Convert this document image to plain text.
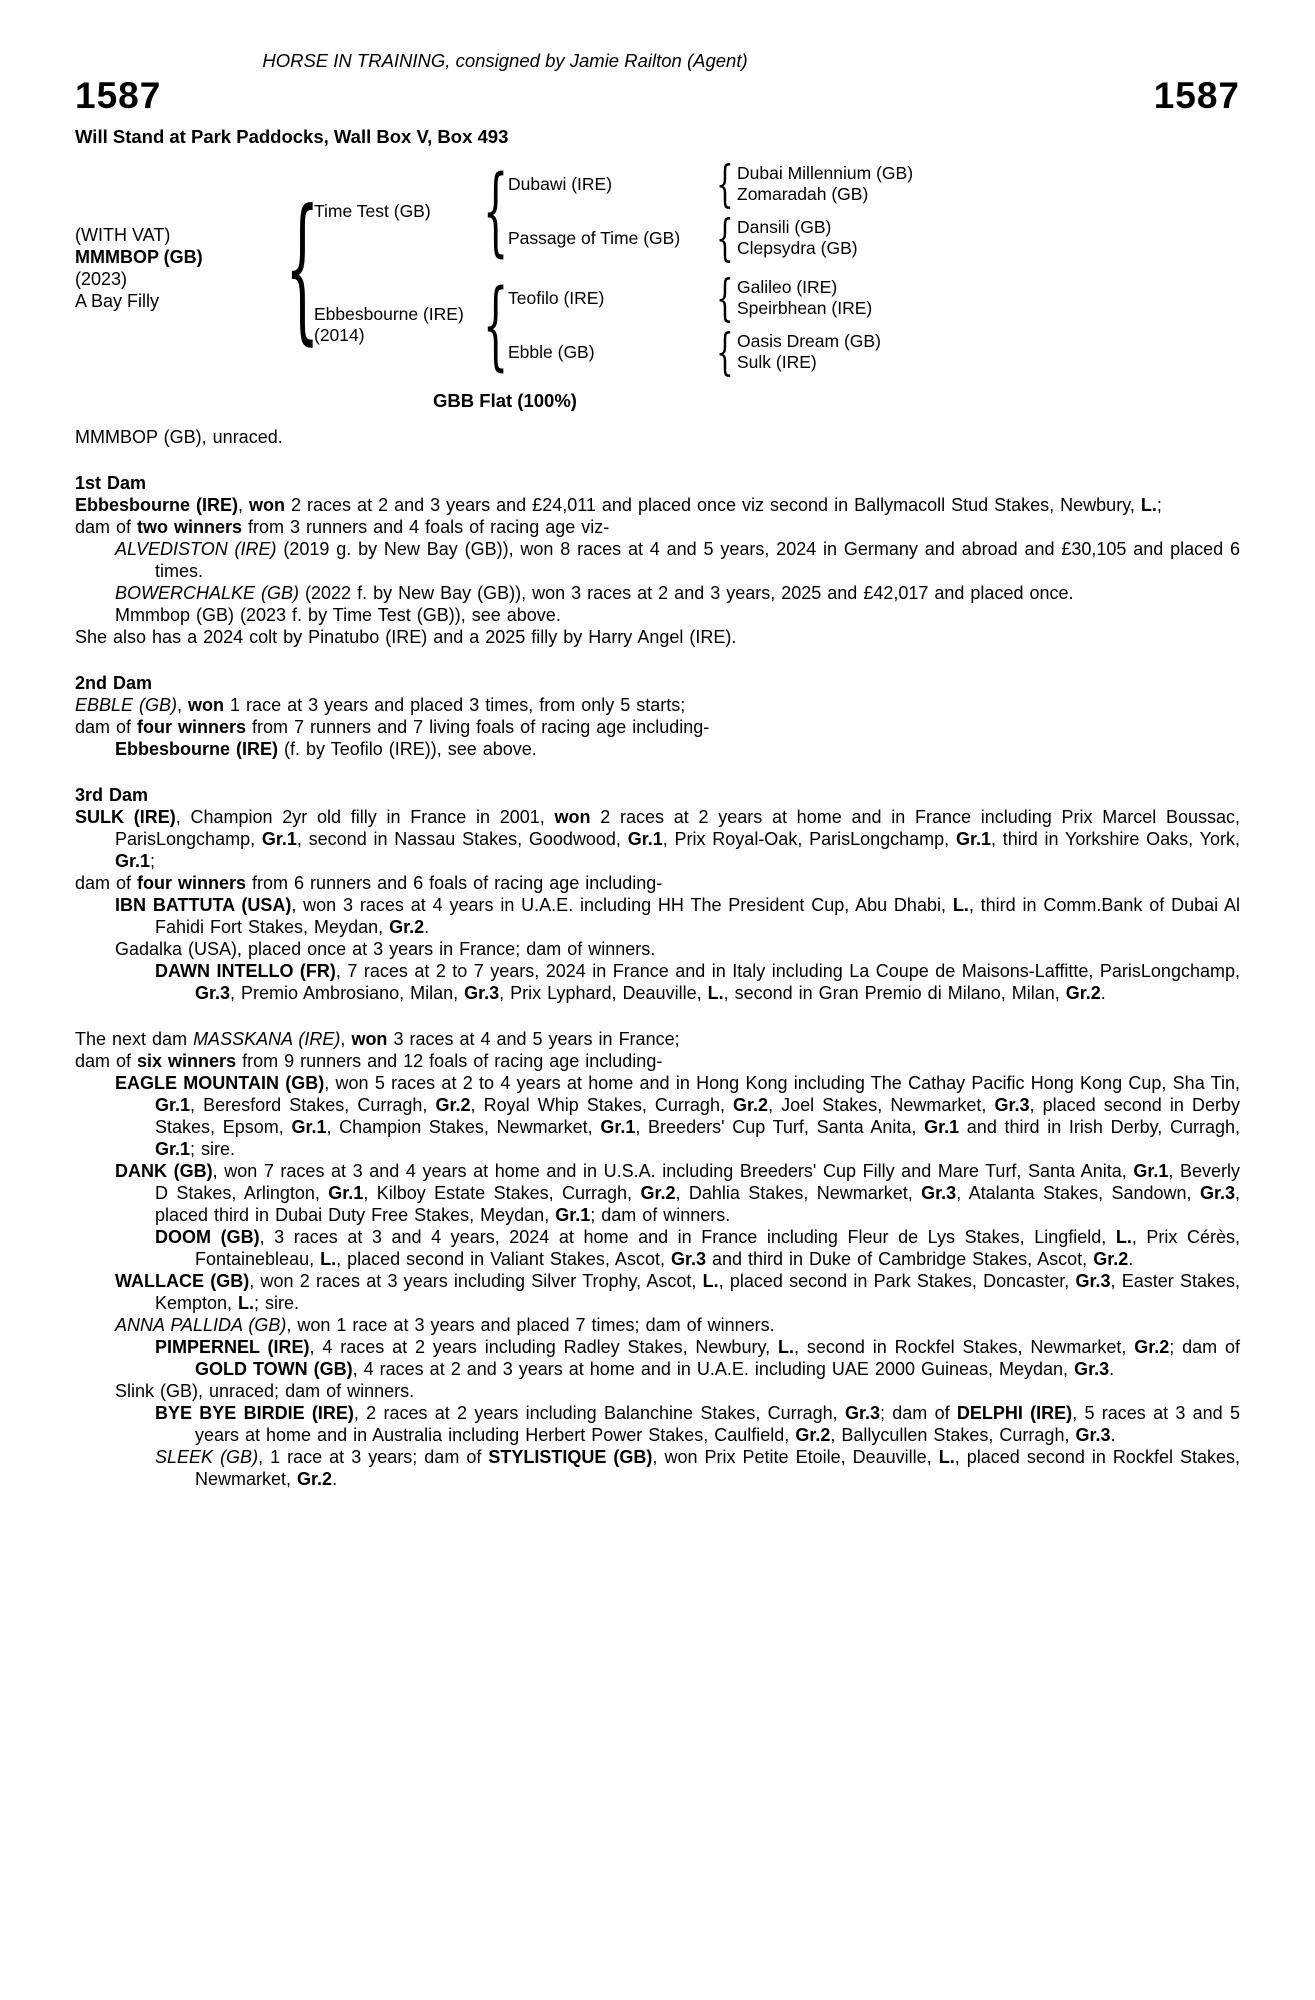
HORSE IN TRAINING, consigned by Jamie Railton (Agent)
1587	1587
Will Stand at Park Paddocks, Wall Box V, Box 493
(WITH VAT)
MMMBOP (GB)
(2023)
A Bay Filly {
Time Test (GB) { Dubawi (IRE)	{ Dubai Millennium (GB)
Zomaradah (GB)
Passage of Time (GB) { Dansili (GB)
Clepsydra (GB)
Ebbesbourne (IRE)
(2014)	{ Teofilo (IRE)	{ Galileo (IRE)
Speirbhean (IRE)
Ebble (GB)	{ Oasis Dream (GB)
Sulk (IRE)
GBB Flat (100%)
MMMBOP (GB), unraced.
1st Dam
Ebbesbourne (IRE), won 2 races at 2 and 3 years and £24,011 and placed once viz second in Ballymacoll Stud Stakes, Newbury, L.;
dam of two winners from 3 runners and 4 foals of racing age viz-
ALVEDISTON (IRE) (2019 g. by New Bay (GB)), won 8 races at 4 and 5 years, 2024 in Germany and abroad and £30,105 and placed 6 times.
BOWERCHALKE (GB) (2022 f. by New Bay (GB)), won 3 races at 2 and 3 years, 2025 and £42,017 and placed once.
Mmmbop (GB) (2023 f. by Time Test (GB)), see above.
She also has a 2024 colt by Pinatubo (IRE) and a 2025 filly by Harry Angel (IRE).
2nd Dam
EBBLE (GB), won 1 race at 3 years and placed 3 times, from only 5 starts;
dam of four winners from 7 runners and 7 living foals of racing age including-
Ebbesbourne (IRE) (f. by Teofilo (IRE)), see above.
3rd Dam
SULK (IRE), Champion 2yr old filly in France in 2001, won 2 races at 2 years at home and in France including Prix Marcel Boussac, ParisLongchamp, Gr.1, second in Nassau Stakes, Goodwood, Gr.1, Prix Royal-Oak, ParisLongchamp, Gr.1, third in Yorkshire Oaks, York, Gr.1;
dam of four winners from 6 runners and 6 foals of racing age including-
IBN BATTUTA (USA), won 3 races at 4 years in U.A.E. including HH The President Cup, Abu Dhabi, L., third in Comm.Bank of Dubai Al Fahidi Fort Stakes, Meydan, Gr.2.
Gadalka (USA), placed once at 3 years in France; dam of winners.
DAWN INTELLO (FR), 7 races at 2 to 7 years, 2024 in France and in Italy including La Coupe de Maisons-Laffitte, ParisLongchamp, Gr.3, Premio Ambrosiano, Milan, Gr.3, Prix Lyphard, Deauville, L., second in Gran Premio di Milano, Milan, Gr.2.
The next dam MASSKANA (IRE), won 3 races at 4 and 5 years in France;
dam of six winners from 9 runners and 12 foals of racing age including-
EAGLE MOUNTAIN (GB), won 5 races at 2 to 4 years at home and in Hong Kong including The Cathay Pacific Hong Kong Cup, Sha Tin, Gr.1, Beresford Stakes, Curragh, Gr.2, Royal Whip Stakes, Curragh, Gr.2, Joel Stakes, Newmarket, Gr.3, placed second in Derby Stakes, Epsom, Gr.1, Champion Stakes, Newmarket, Gr.1, Breeders' Cup Turf, Santa Anita, Gr.1 and third in Irish Derby, Curragh, Gr.1; sire.
DANK (GB), won 7 races at 3 and 4 years at home and in U.S.A. including Breeders' Cup Filly and Mare Turf, Santa Anita, Gr.1, Beverly D Stakes, Arlington, Gr.1, Kilboy Estate Stakes, Curragh, Gr.2, Dahlia Stakes, Newmarket, Gr.3, Atalanta Stakes, Sandown, Gr.3, placed third in Dubai Duty Free Stakes, Meydan, Gr.1; dam of winners.
DOOM (GB), 3 races at 3 and 4 years, 2024 at home and in France including Fleur de Lys Stakes, Lingfield, L., Prix Cérès, Fontainebleau, L., placed second in Valiant Stakes, Ascot, Gr.3 and third in Duke of Cambridge Stakes, Ascot, Gr.2.
WALLACE (GB), won 2 races at 3 years including Silver Trophy, Ascot, L., placed second in Park Stakes, Doncaster, Gr.3, Easter Stakes, Kempton, L.; sire.
ANNA PALLIDA (GB), won 1 race at 3 years and placed 7 times; dam of winners.
PIMPERNEL (IRE), 4 races at 2 years including Radley Stakes, Newbury, L., second in Rockfel Stakes, Newmarket, Gr.2; dam of GOLD TOWN (GB), 4 races at 2 and 3 years at home and in U.A.E. including UAE 2000 Guineas, Meydan, Gr.3.
Slink (GB), unraced; dam of winners.
BYE BYE BIRDIE (IRE), 2 races at 2 years including Balanchine Stakes, Curragh, Gr.3; dam of DELPHI (IRE), 5 races at 3 and 5 years at home and in Australia including Herbert Power Stakes, Caulfield, Gr.2, Ballycullen Stakes, Curragh, Gr.3.
SLEEK (GB), 1 race at 3 years; dam of STYLISTIQUE (GB), won Prix Petite Etoile, Deauville, L., placed second in Rockfel Stakes, Newmarket, Gr.2.
